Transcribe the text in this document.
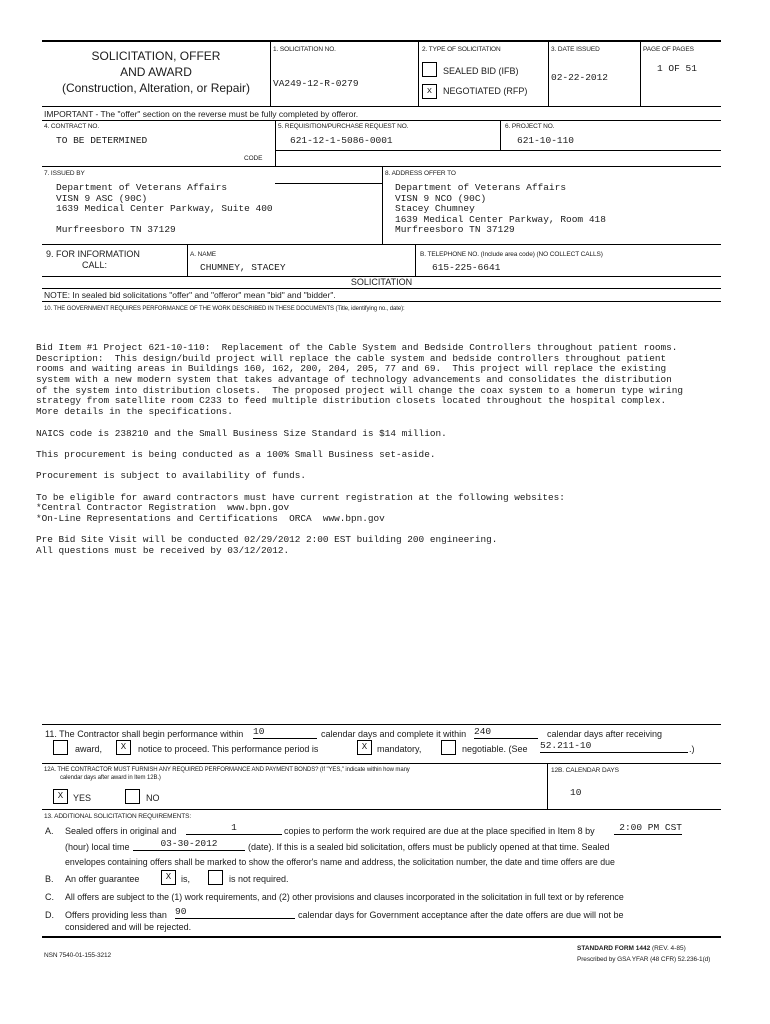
SOLICITATION, OFFER
AND AWARD
(Construction, Alteration, or Repair)
1. SOLICITATION NO.
VA249-12-R-0279
2. TYPE OF SOLICITATION
SEALED BID (IFB)
x	NEGOTIATED (RFP)
3. DATE ISSUED
02-22-2012
PAGE OF PAGES
1 OF 51
IMPORTANT - The "offer" section on the reverse must be fully completed by offeror.
4. CONTRACT NO.
TO BE DETERMINED
CODE
5. REQUISITION/PURCHASE REQUEST NO.
621-12-1-5086-0001
6. PROJECT NO.
621-10-110
7. ISSUED BY	8. ADDRESS OFFER TO
Department of Veterans Affairs
VISN 9 ASC (90C)
1639 Medical Center Parkway, Suite 400
Murfreesboro TN 37129
Department of Veterans Affairs
VISN 9 NCO (90C)
Stacey Chumney
1639 Medical Center Parkway, Room 418
Murfreesboro TN 37129
9. FOR INFORMATION
CALL:
A. NAME
CHUMNEY, STACEY
B. TELEPHONE NO. (Include area code) (NO COLLECT CALLS)
615-225-6641
SOLICITATION
NOTE: In sealed bid solicitations "offer" and "offeror" mean "bid" and "bidder".
10. THE GOVERNMENT REQUIRES PERFORMANCE OF THE WORK DESCRIBED IN THESE DOCUMENTS (Title, identifying no., date):
Bid Item #1 Project 621-10-110:  Replacement of the Cable System and Bedside Controllers throughout patient rooms.
Description:  This design/build project will replace the cable system and bedside controllers throughout patient
rooms and waiting areas in Buildings 160, 162, 200, 204, 205, 77 and 69.  This project will replace the existing
system with a new modern system that takes advantage of technology advancements and consolidates the distribution
of the system into distribution closets.  The proposed project will change the coax system to a homerun type wiring
strategy from satellite room C233 to feed multiple distribution closets located throughout the hospital complex.
More details in the specifications.
NAICS code is 238210 and the Small Business Size Standard is $14 million.
This procurement is being conducted as a 100% Small Business set-aside.
Procurement is subject to availability of funds.
To be eligible for award contractors must have current registration at the following websites:
*Central Contractor Registration  www.bpn.gov
*On-Line Representations and Certifications  ORCA  www.bpn.gov
Pre Bid Site Visit will be conducted 02/29/2012 2:00 EST building 200 engineering.
All questions must be received by 03/12/2012.
11. The Contractor shall begin performance within 10	calendar days and complete it within 240	calendar days after receiving
award,	X	notice to proceed. This performance period is	X	mandatory,	negotiable. (See 52.211-10	.)
12A. THE CONTRACTOR MUST FURNISH ANY REQUIRED PERFORMANCE AND PAYMENT BONDS? (If "YES," indicate within how many
calendar days after award in Item 12B.)
X	YES	NO
12B. CALENDAR DAYS
10
13. ADDITIONAL SOLICITATION REQUIREMENTS:
A. Sealed offers in original and	1	copies to perform the work required are due at the place specified in Item 8 by	2:00 PM CST
(hour) local time	03-30-2012	(date). If this is a sealed bid solicitation, offers must be publicly opened at that time. Sealed
envelopes containing offers shall be marked to show the offeror's name and address, the solicitation number, the date and time offers are due
B. An offer guarantee	X	is,	is not required.
C. All offers are subject to the (1) work requirements, and (2) other provisions and clauses incorporated in the solicitation in full text or by reference
D. Offers providing less than 90	calendar days for Government acceptance after the date offers are due will not be
considered and will be rejected.
NSN 7540-01-155-3212
STANDARD FORM 1442 (REV. 4-85)
Prescribed by GSA YFAR (48 CFR) 52.236-1(d)
